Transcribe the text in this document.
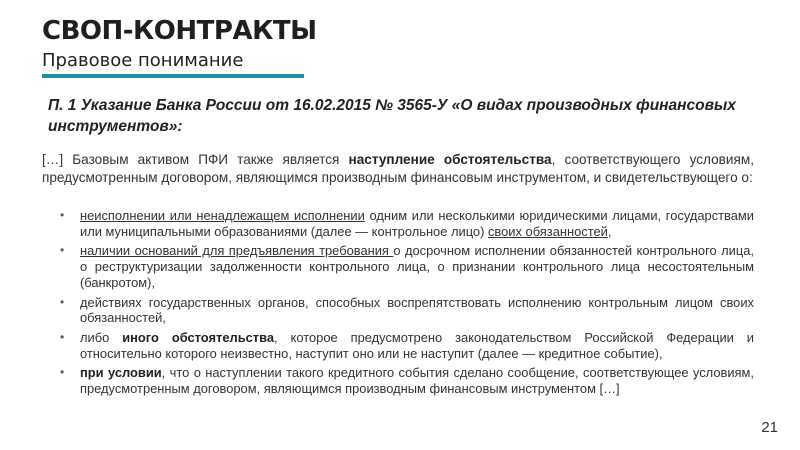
СВОП-КОНТРАКТЫ
Правовое понимание
П. 1 Указание Банка России от 16.02.2015 № 3565-У «О видах производных финансовых инструментов»:
[…] Базовым активом ПФИ также является наступление обстоятельства, соответствующего условиям, предусмотренным договором, являющимся производным финансовым инструментом, и свидетельствующего о:
• неисполнении или ненадлежащем исполнении одним или несколькими юридическими лицами, государствами или муниципальными образованиями (далее — контрольное лицо) своих обязанностей,
• наличии оснований для предъявления требования о досрочном исполнении обязанностей контрольного лица, о реструктуризации задолженности контрольного лица, о признании контрольного лица несостоятельным (банкротом),
• действиях государственных органов, способных воспрепятствовать исполнению контрольным лицом своих обязанностей,
• либо иного обстоятельства, которое предусмотрено законодательством Российской Федерации и относительно которого неизвестно, наступит оно или не наступит (далее — кредитное событие),
• при условии, что о наступлении такого кредитного события сделано сообщение, соответствующее условиям, предусмотренным договором, являющимся производным финансовым инструментом […]
21
